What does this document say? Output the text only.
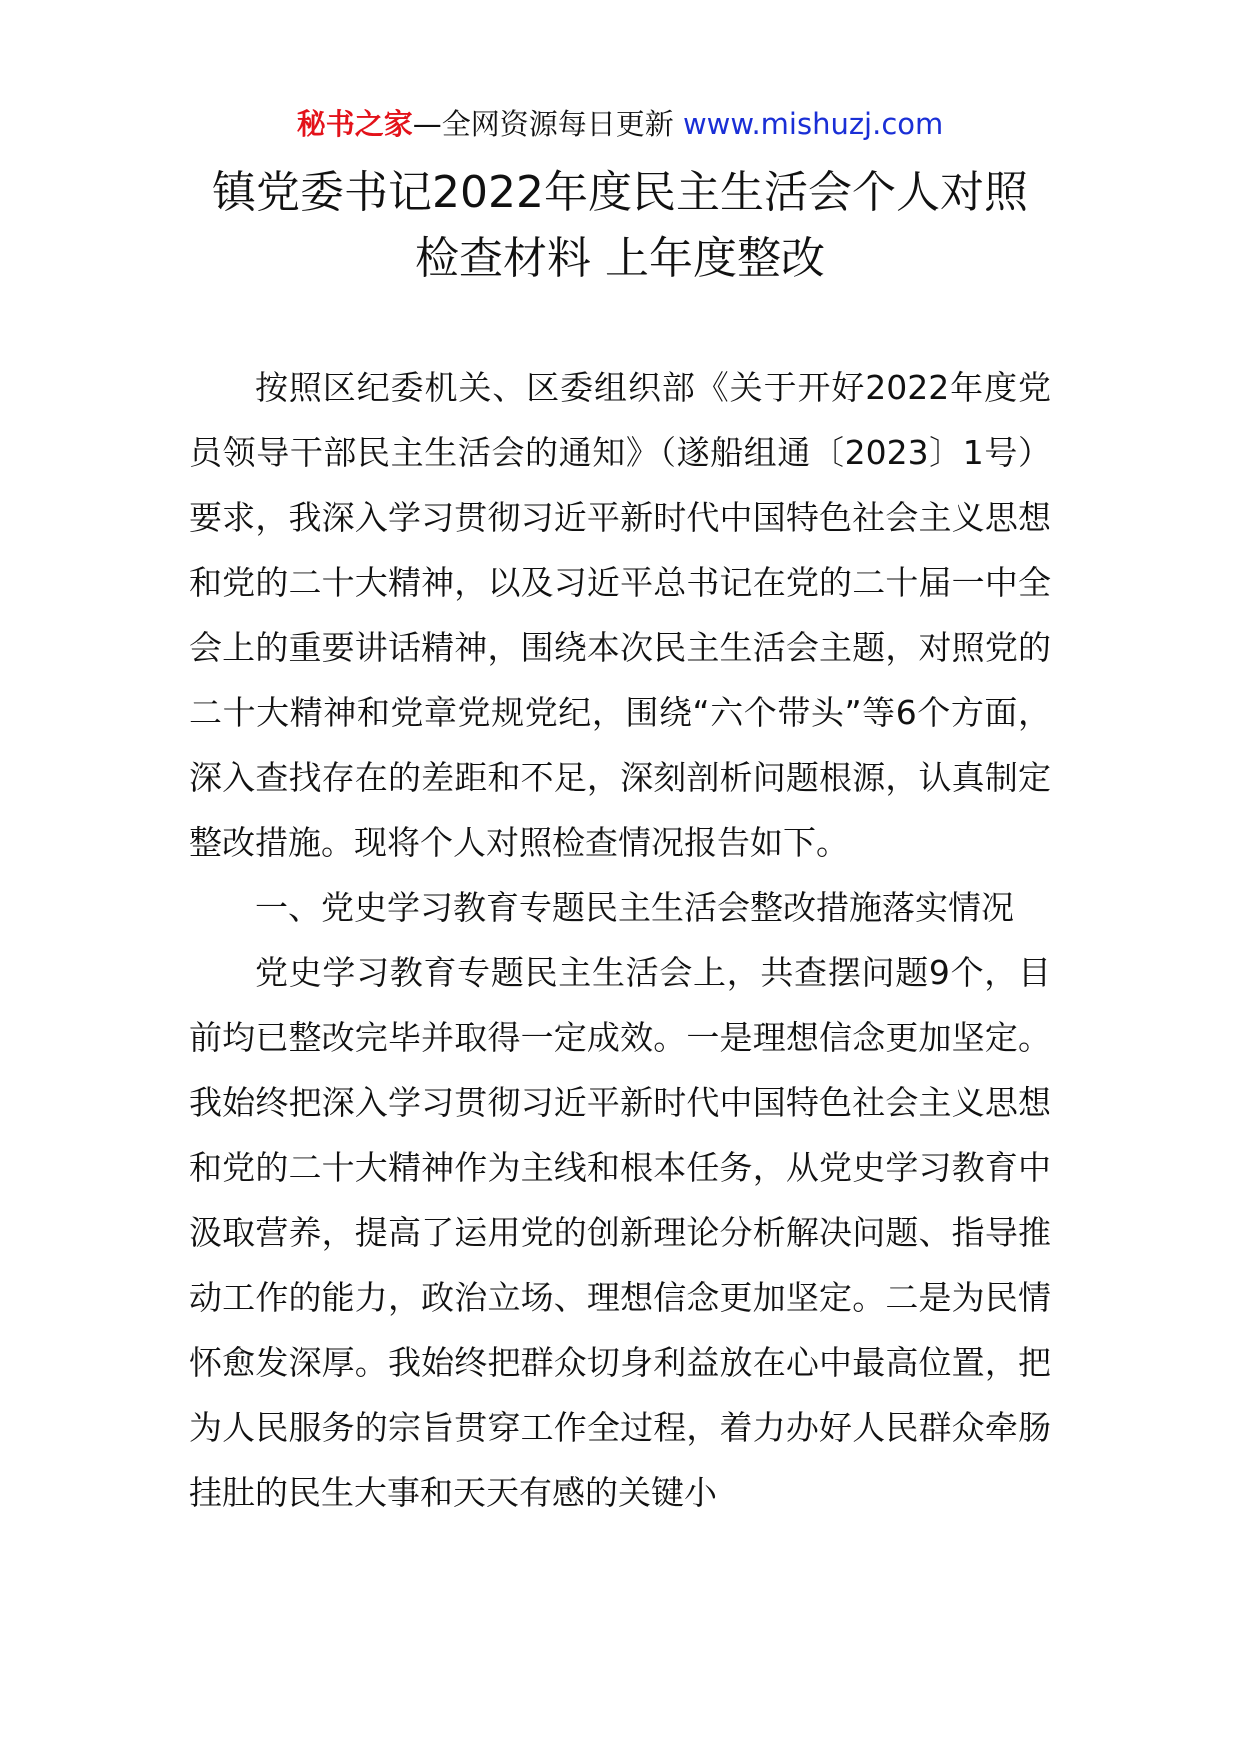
秘书之家—全网资源每日更新 www.mishuzj.com
镇党委书记2022年度民主生活会个人对照
检查材料 上年度整改

按照区纪委机关、区委组织部《关于开好2022年度党员领导干部民主生活会的通知》（遂船组通〔2023〕1号）要求，我深入学习贯彻习近平新时代中国特色社会主义思想和党的二十大精神，以及习近平总书记在党的二十届一中全会上的重要讲话精神，围绕本次民主生活会主题，对照党的二十大精神和党章党规党纪，围绕“六个带头”等6个方面，深入查找存在的差距和不足，深刻剖析问题根源，认真制定整改措施。现将个人对照检查情况报告如下。

一、党史学习教育专题民主生活会整改措施落实情况

党史学习教育专题民主生活会上，共查摆问题9个，目前均已整改完毕并取得一定成效。一是理想信念更加坚定。我始终把深入学习贯彻习近平新时代中国特色社会主义思想和党的二十大精神作为主线和根本任务，从党史学习教育中汲取营养，提高了运用党的创新理论分析解决问题、指导推动工作的能力，政治立场、理想信念更加坚定。二是为民情怀愈发深厚。我始终把群众切身利益放在心中最高位置，把为人民服务的宗旨贯穿工作全过程，着力办好人民群众牵肠挂肚的民生大事和天天有感的关键小
